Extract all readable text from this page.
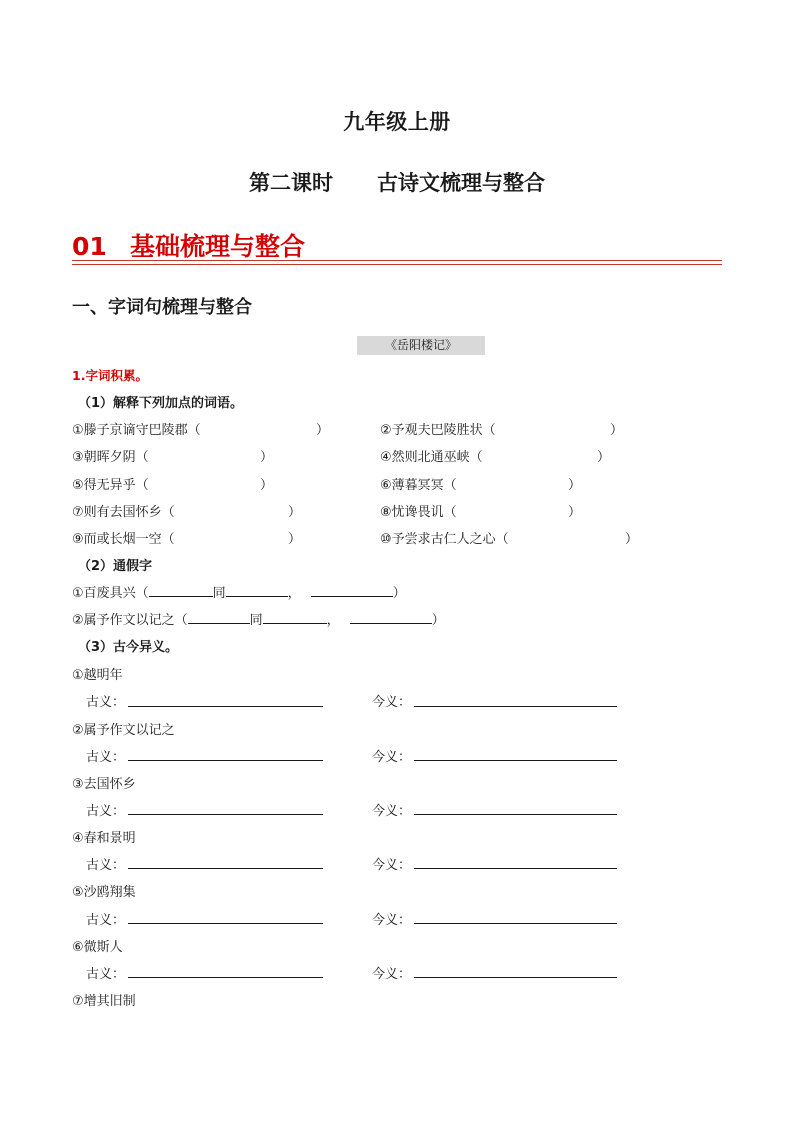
九年级上册
第二课时 古诗文梳理与整合
01 基础梳理与整合
一、字词句梳理与整合
《岳阳楼记》
1.字词积累。
（1）解释下列加点的词语。
①滕子京谪守巴陵郡（	）	②予观夫巴陵胜状（	）
③朝晖夕阴（	）	④然则北通巫峡（	）
⑤得无异乎（	）	⑥薄暮冥冥（	）
⑦则有去国怀乡（	）	⑧忧谗畏讥（	）
⑨而或长烟一空（	）	⑩予尝求古仁人之心（	）
（2）通假字
①百废具兴（	同	，	）
②属予作文以记之（	同	，	）
（3）古今异义。
①越明年
古义：	今义：
②属予作文以记之
古义：	今义：
③去国怀乡
古义：	今义：
④春和景明
古义：	今义：
⑤沙鸥翔集
古义：	今义：
⑥微斯人
古义：	今义：
⑦增其旧制
